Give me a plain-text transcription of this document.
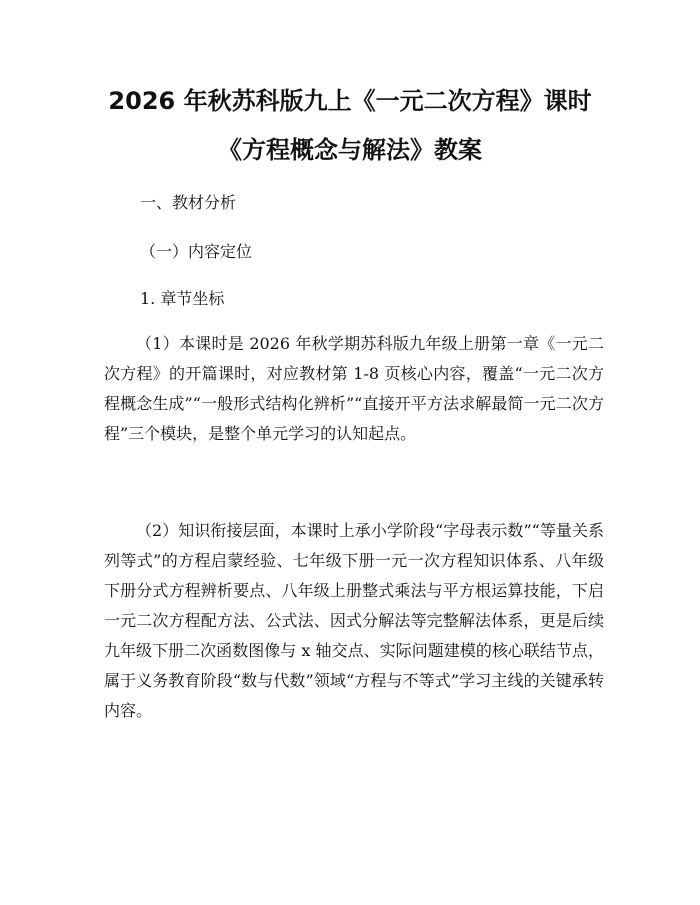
2026 年秋苏科版九上《一元二次方程》课时
《方程概念与解法》教案
一、教材分析
（一）内容定位
1. 章节坐标

（1）本课时是 2026 年秋学期苏科版九年级上册第一章《一元二次方程》的开篇课时，对应教材第 1-8 页核心内容，覆盖“一元二次方程概念生成”“一般形式结构化辨析”“直接开平方法求解最简一元二次方程”三个模块，是整个单元学习的认知起点。

（2）知识衔接层面，本课时上承小学阶段“字母表示数”“等量关系列等式”的方程启蒙经验、七年级下册一元一次方程知识体系、八年级下册分式方程辨析要点、八年级上册整式乘法与平方根运算技能，下启一元二次方程配方法、公式法、因式分解法等完整解法体系，更是后续九年级下册二次函数图像与 x 轴交点、实际问题建模的核心联结节点，属于义务教育阶段“数与代数”领域“方程与不等式”学习主线的关键承转内容。
